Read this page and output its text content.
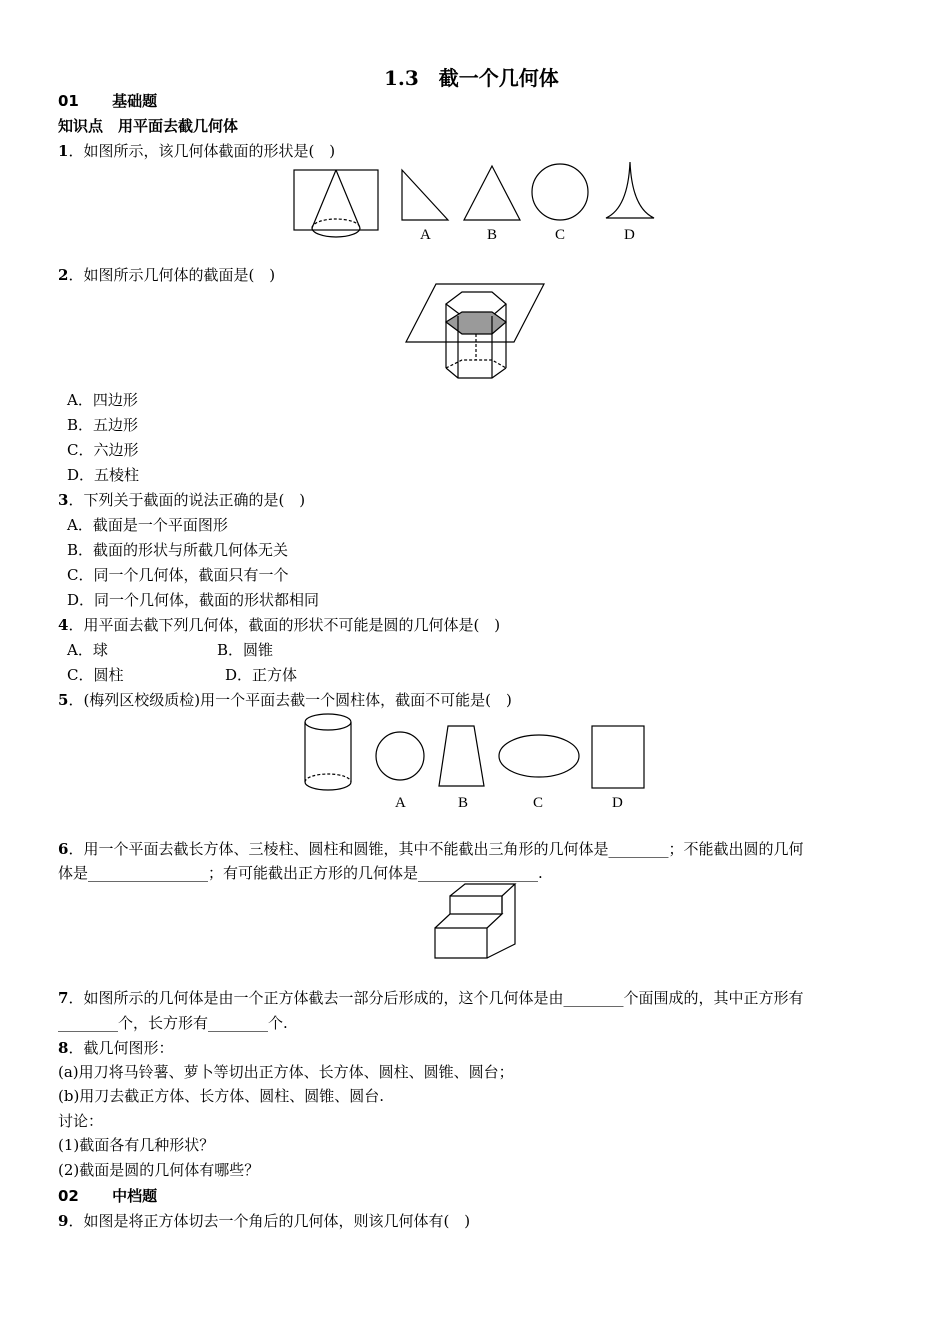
1.3　截一个几何体
01 基础题
知识点　用平面去截几何体
1．如图所示，该几何体截面的形状是(　)
A	B	C	D
2．如图所示几何体的截面是(　)
A．四边形
B．五边形
C．六边形
D．五棱柱
3．下列关于截面的说法正确的是(　)
A．截面是一个平面图形
B．截面的形状与所截几何体无关
C．同一个几何体，截面只有一个
D．同一个几何体，截面的形状都相同
4．用平面去截下列几何体，截面的形状不可能是圆的几何体是(　)
A．球	B．圆锥
C．圆柱	D．正方体
5．(梅列区校级质检)用一个平面去截一个圆柱体，截面不可能是(　)
A	B	C	D
6．用一个平面去截长方体、三棱柱、圆柱和圆锥，其中不能截出三角形的几何体是________；不能截出圆的几何
体是________________；有可能截出正方形的几何体是________________.
7．如图所示的几何体是由一个正方体截去一部分后形成的，这个几何体是由________个面围成的，其中正方形有
________个，长方形有________个.
8．截几何图形：
(a)用刀将马铃薯、萝卜等切出正方体、长方体、圆柱、圆锥、圆台；
(b)用刀去截正方体、长方体、圆柱、圆锥、圆台.
讨论：
(1)截面各有几种形状？
(2)截面是圆的几何体有哪些？
02 中档题
9．如图是将正方体切去一个角后的几何体，则该几何体有(　)
